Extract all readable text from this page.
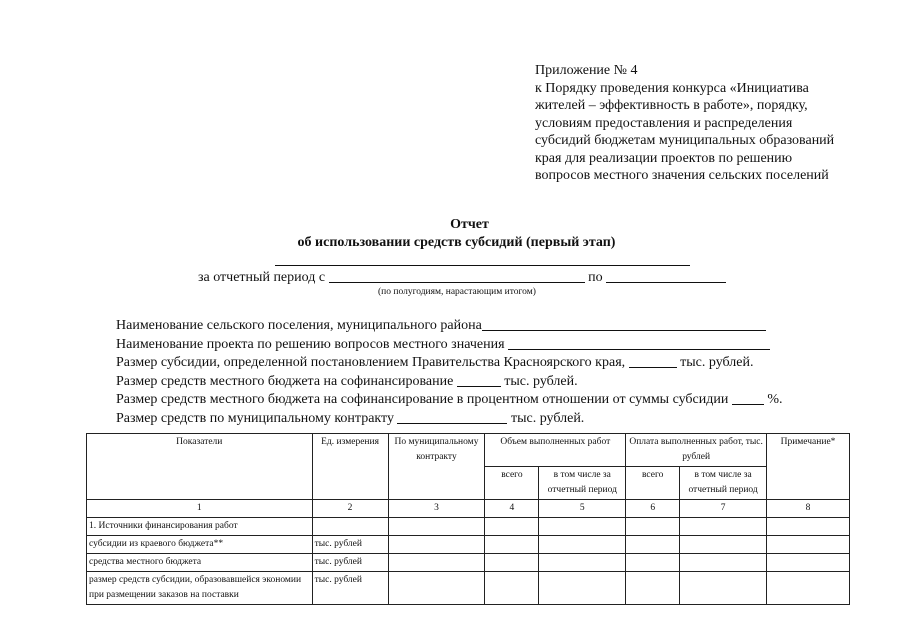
Приложение № 4
к Порядку проведения конкурса «Инициатива
жителей – эффективность в работе», порядку,
условиям предоставления и распределения
субсидий бюджетам муниципальных образований
края для реализации проектов по решению
вопросов местного значения сельских поселений
Отчет
об использовании средств субсидий (первый этап)
за отчетный период с	по
(по полугодиям, нарастающим итогом)
Наименование сельского поселения, муниципального района
Наименование проекта по решению вопросов местного значения
Размер субсидии, определенной постановлением Правительства Красноярского края,	тыс. рублей.
Размер средств местного бюджета на софинансирование	тыс. рублей.
Размер средств местного бюджета на софинансирование в процентном отношении от суммы субсидии	%.
Размер средств по муниципальному контракту	тыс. рублей.
Показатели	Ед. измерения	По муниципальному контракту	Объем выполненных работ		Оплата выполненных работ, тыс. рублей		Примечание*
			всего	в том числе за отчетный период	всего	в том числе за отчетный период	
1	2	3	4	5	6	7	8
1. Источники финансирования работ							
субсидии из краевого бюджета**	тыс. рублей						
средства местного бюджета	тыс. рублей						
размер средств субсидии, образовавшейся экономии при размещении заказов на поставки	тыс. рублей						
